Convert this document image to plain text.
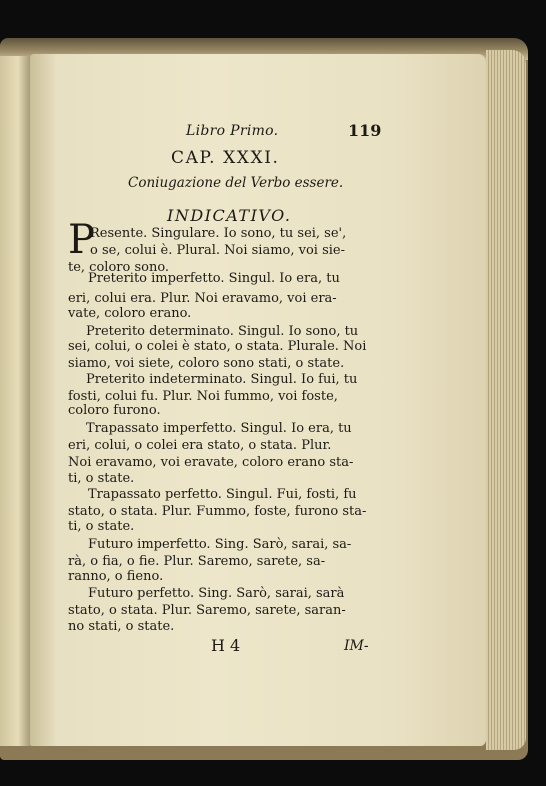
Libro Primo.	119
CAP. XXXI.
Coniugazione del Verbo essere.
INDICATIVO.
P
Resente. Singulare. Io sono, tu sei, se',
o se, colui è. Plural. Noi siamo, voi sie-
te, coloro sono.
Preterito imperfetto. Singul. Io era, tu
eri, colui era. Plur. Noi eravamo, voi era-
vate, coloro erano.
Preterito determinato. Singul. Io sono, tu
sei, colui, o colei è stato, o stata. Plurale. Noi
siamo, voi siete, coloro sono stati, o state.
Preterito indeterminato. Singul. Io fui, tu
fosti, colui fu. Plur. Noi fummo, voi foste,
coloro furono.
Trapassato imperfetto. Singul. Io era, tu
eri, colui, o colei era stato, o stata. Plur.
Noi eravamo, voi eravate, coloro erano sta-
ti, o state.
Trapassato perfetto. Singul. Fui, fosti, fu
stato, o stata. Plur. Fummo, foste, furono sta-
ti, o state.
Futuro imperfetto. Sing. Sarò, sarai, sa-
rà, o fia, o fie. Plur. Saremo, sarete, sa-
ranno, o fieno.
Futuro perfetto. Sing. Sarò, sarai, sarà
stato, o stata. Plur. Saremo, sarete, saran-
no stati, o state.
H 4	IM-
